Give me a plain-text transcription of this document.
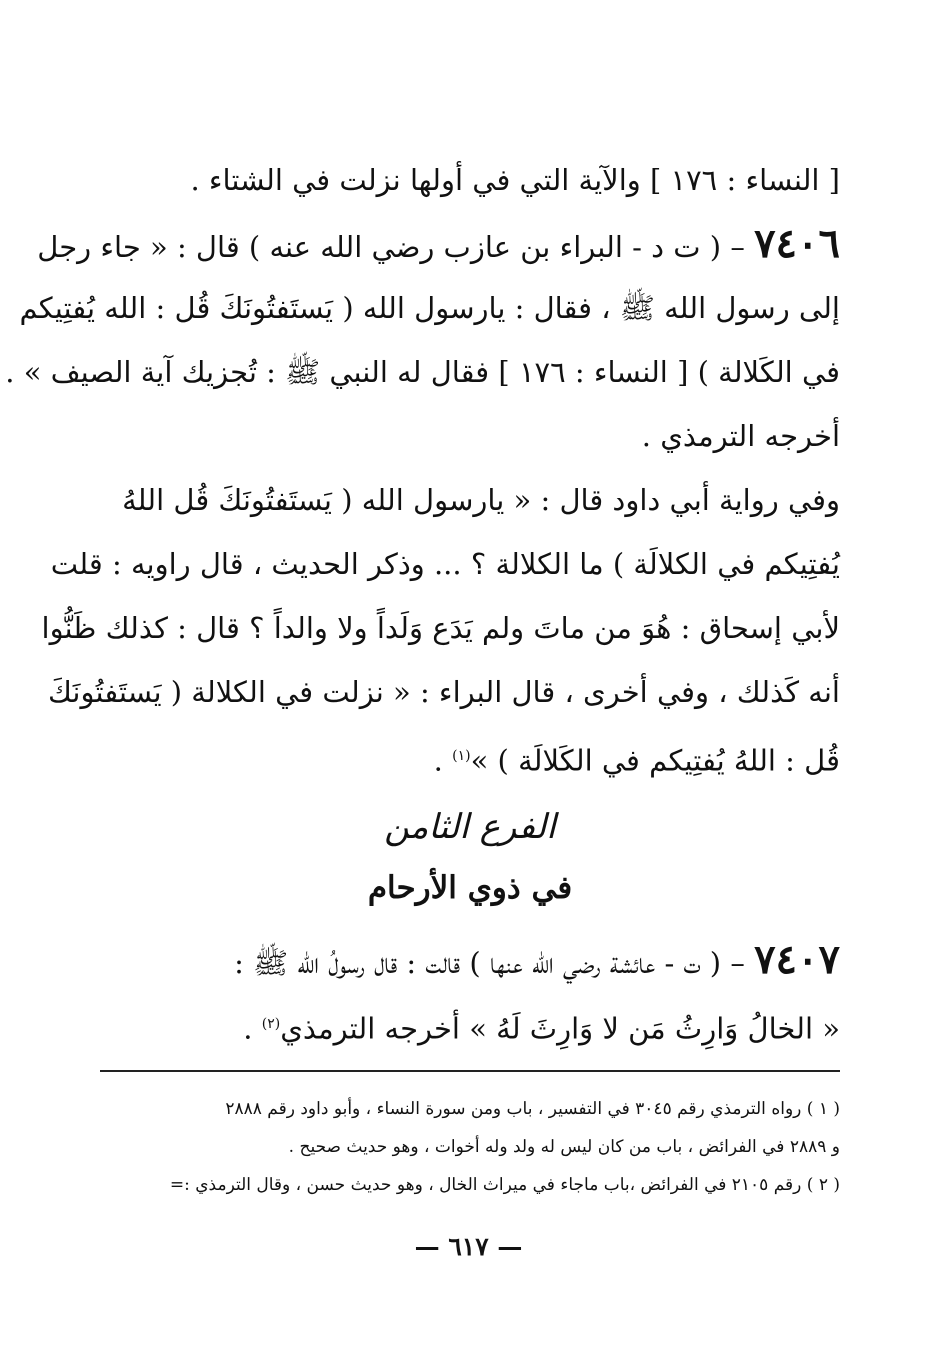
[ النساء : ١٧٦ ] والآية التي في أولها نزلت في الشتاء .
٧٤٠٦ – ( ت د - البراء بن عازب رضي الله عنه ) قال : « جاء رجل
إلى رسول الله ﷺ ، فقال : يارسول الله ( يَستَفتُونَكَ قُل : الله يُفتِيكم
في الكَلالة ) [ النساء : ١٧٦ ] فقال له النبي ﷺ : تُجزيك آية الصيف » .
أخرجه الترمذي .
وفي رواية أبي داود قال : « يارسول الله ( يَستَفتُونَكَ قُل اللهُ
يُفتِيكم في الكلالَة ) ما الكلالة ؟ ... وذكر الحديث ، قال راويه : قلت
لأبي إسحاق : هُوَ من ماتَ ولم يَدَع وَلَداً ولا والداً ؟ قال : كذلك ظَنُّوا
أنه كَذلك ، وفي أخرى ، قال البراء : « نزلت في الكلالة ( يَستَفتُونَكَ
قُل : اللهُ يُفتِيكم في الكَلالَة ) »$^{(١)}$ .
الفرع الثامن
في ذوي الأرحام
٧٤٠٧ – ( ت - عائشة رضي الله عنها ) قالت : قال رسولُ الله ﷺ :
« الخالُ وَارِثُ مَن لا وَارِثَ لَهُ » أخرجه الترمذي$^{(٢)}$ .
( ١ ) رواه الترمذي رقم ٣٠٤٥ في التفسير ، باب ومن سورة النساء ، وأبو داود رقم ٢٨٨٨
و ٢٨٨٩ في الفرائض ، باب من كان ليس له ولد وله أخوات ، وهو حديث صحيح .
( ٢ ) رقم ٢١٠٥ في الفرائض ،باب ماجاء في ميراث الخال ، وهو حديث حسن ، وقال الترمذي :=
— ٦١٧ —
